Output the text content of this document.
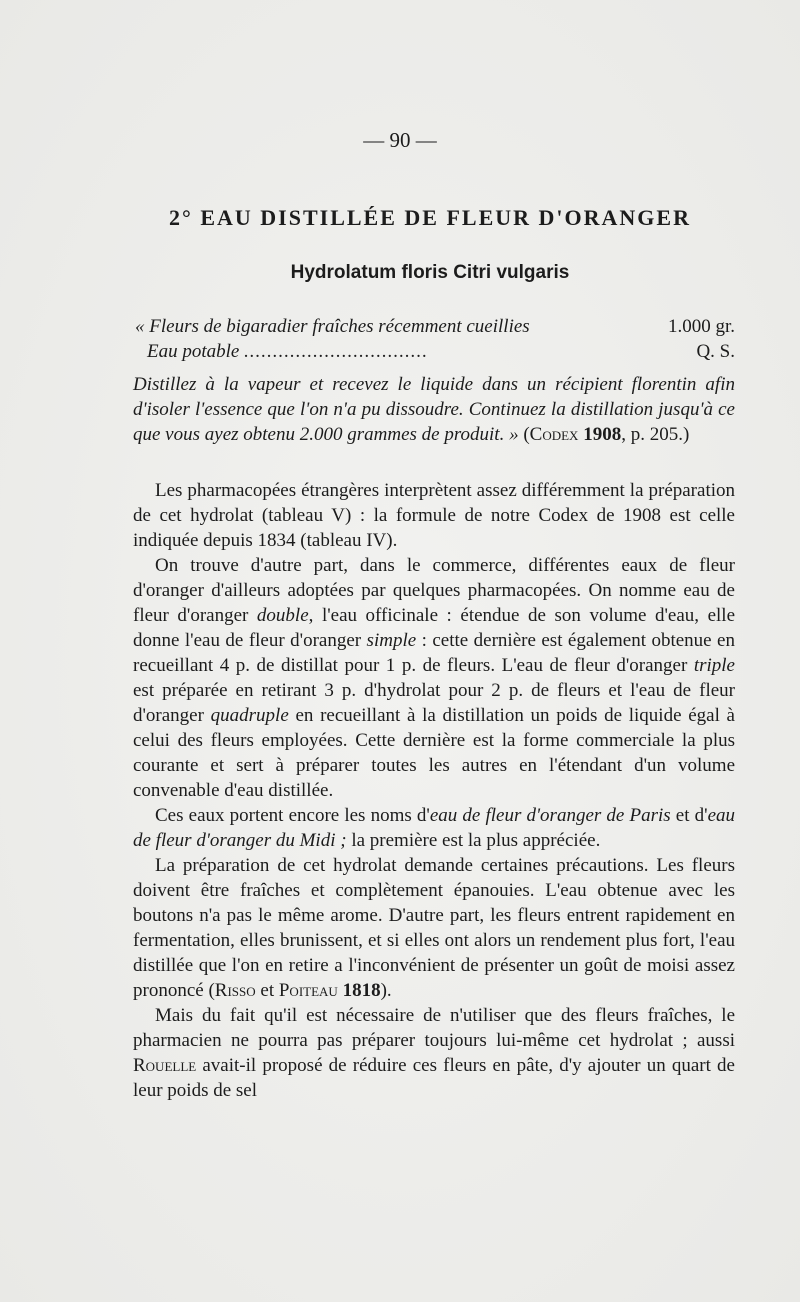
— 90 —
2° EAU DISTILLÉE DE FLEUR D'ORANGER
Hydrolatum floris Citri vulgaris
« Fleurs de bigaradier fraîches récemment cueillies	1.000 gr.
Eau potable ................................	Q. S.
Distillez à la vapeur et recevez le liquide dans un récipient florentin afin d'isoler l'essence que l'on n'a pu dissoudre. Continuez la distillation jusqu'à ce que vous ayez obtenu 2.000 grammes de produit. » (Codex 1908, p. 205.)

Les pharmacopées étrangères interprètent assez différemment la préparation de cet hydrolat (tableau V) : la formule de notre Codex de 1908 est celle indiquée depuis 1834 (tableau IV).

On trouve d'autre part, dans le commerce, différentes eaux de fleur d'oranger d'ailleurs adoptées par quelques pharmacopées. On nomme eau de fleur d'oranger double, l'eau officinale : étendue de son volume d'eau, elle donne l'eau de fleur d'oranger simple : cette dernière est également obtenue en recueillant 4 p. de distillat pour 1 p. de fleurs. L'eau de fleur d'oranger triple est préparée en retirant 3 p. d'hydrolat pour 2 p. de fleurs et l'eau de fleur d'oranger quadruple en recueillant à la distillation un poids de liquide égal à celui des fleurs employées. Cette dernière est la forme commerciale la plus courante et sert à préparer toutes les autres en l'étendant d'un volume convenable d'eau distillée.

Ces eaux portent encore les noms d'eau de fleur d'oranger de Paris et d'eau de fleur d'oranger du Midi ; la première est la plus appréciée.

La préparation de cet hydrolat demande certaines précautions. Les fleurs doivent être fraîches et complètement épanouies. L'eau obtenue avec les boutons n'a pas le même arome. D'autre part, les fleurs entrent rapidement en fermentation, elles brunissent, et si elles ont alors un rendement plus fort, l'eau distillée que l'on en retire a l'inconvénient de présenter un goût de moisi assez prononcé (Risso et Poiteau 1818).

Mais du fait qu'il est nécessaire de n'utiliser que des fleurs fraîches, le pharmacien ne pourra pas préparer toujours lui-même cet hydrolat ; aussi Rouelle avait-il proposé de réduire ces fleurs en pâte, d'y ajouter un quart de leur poids de sel
